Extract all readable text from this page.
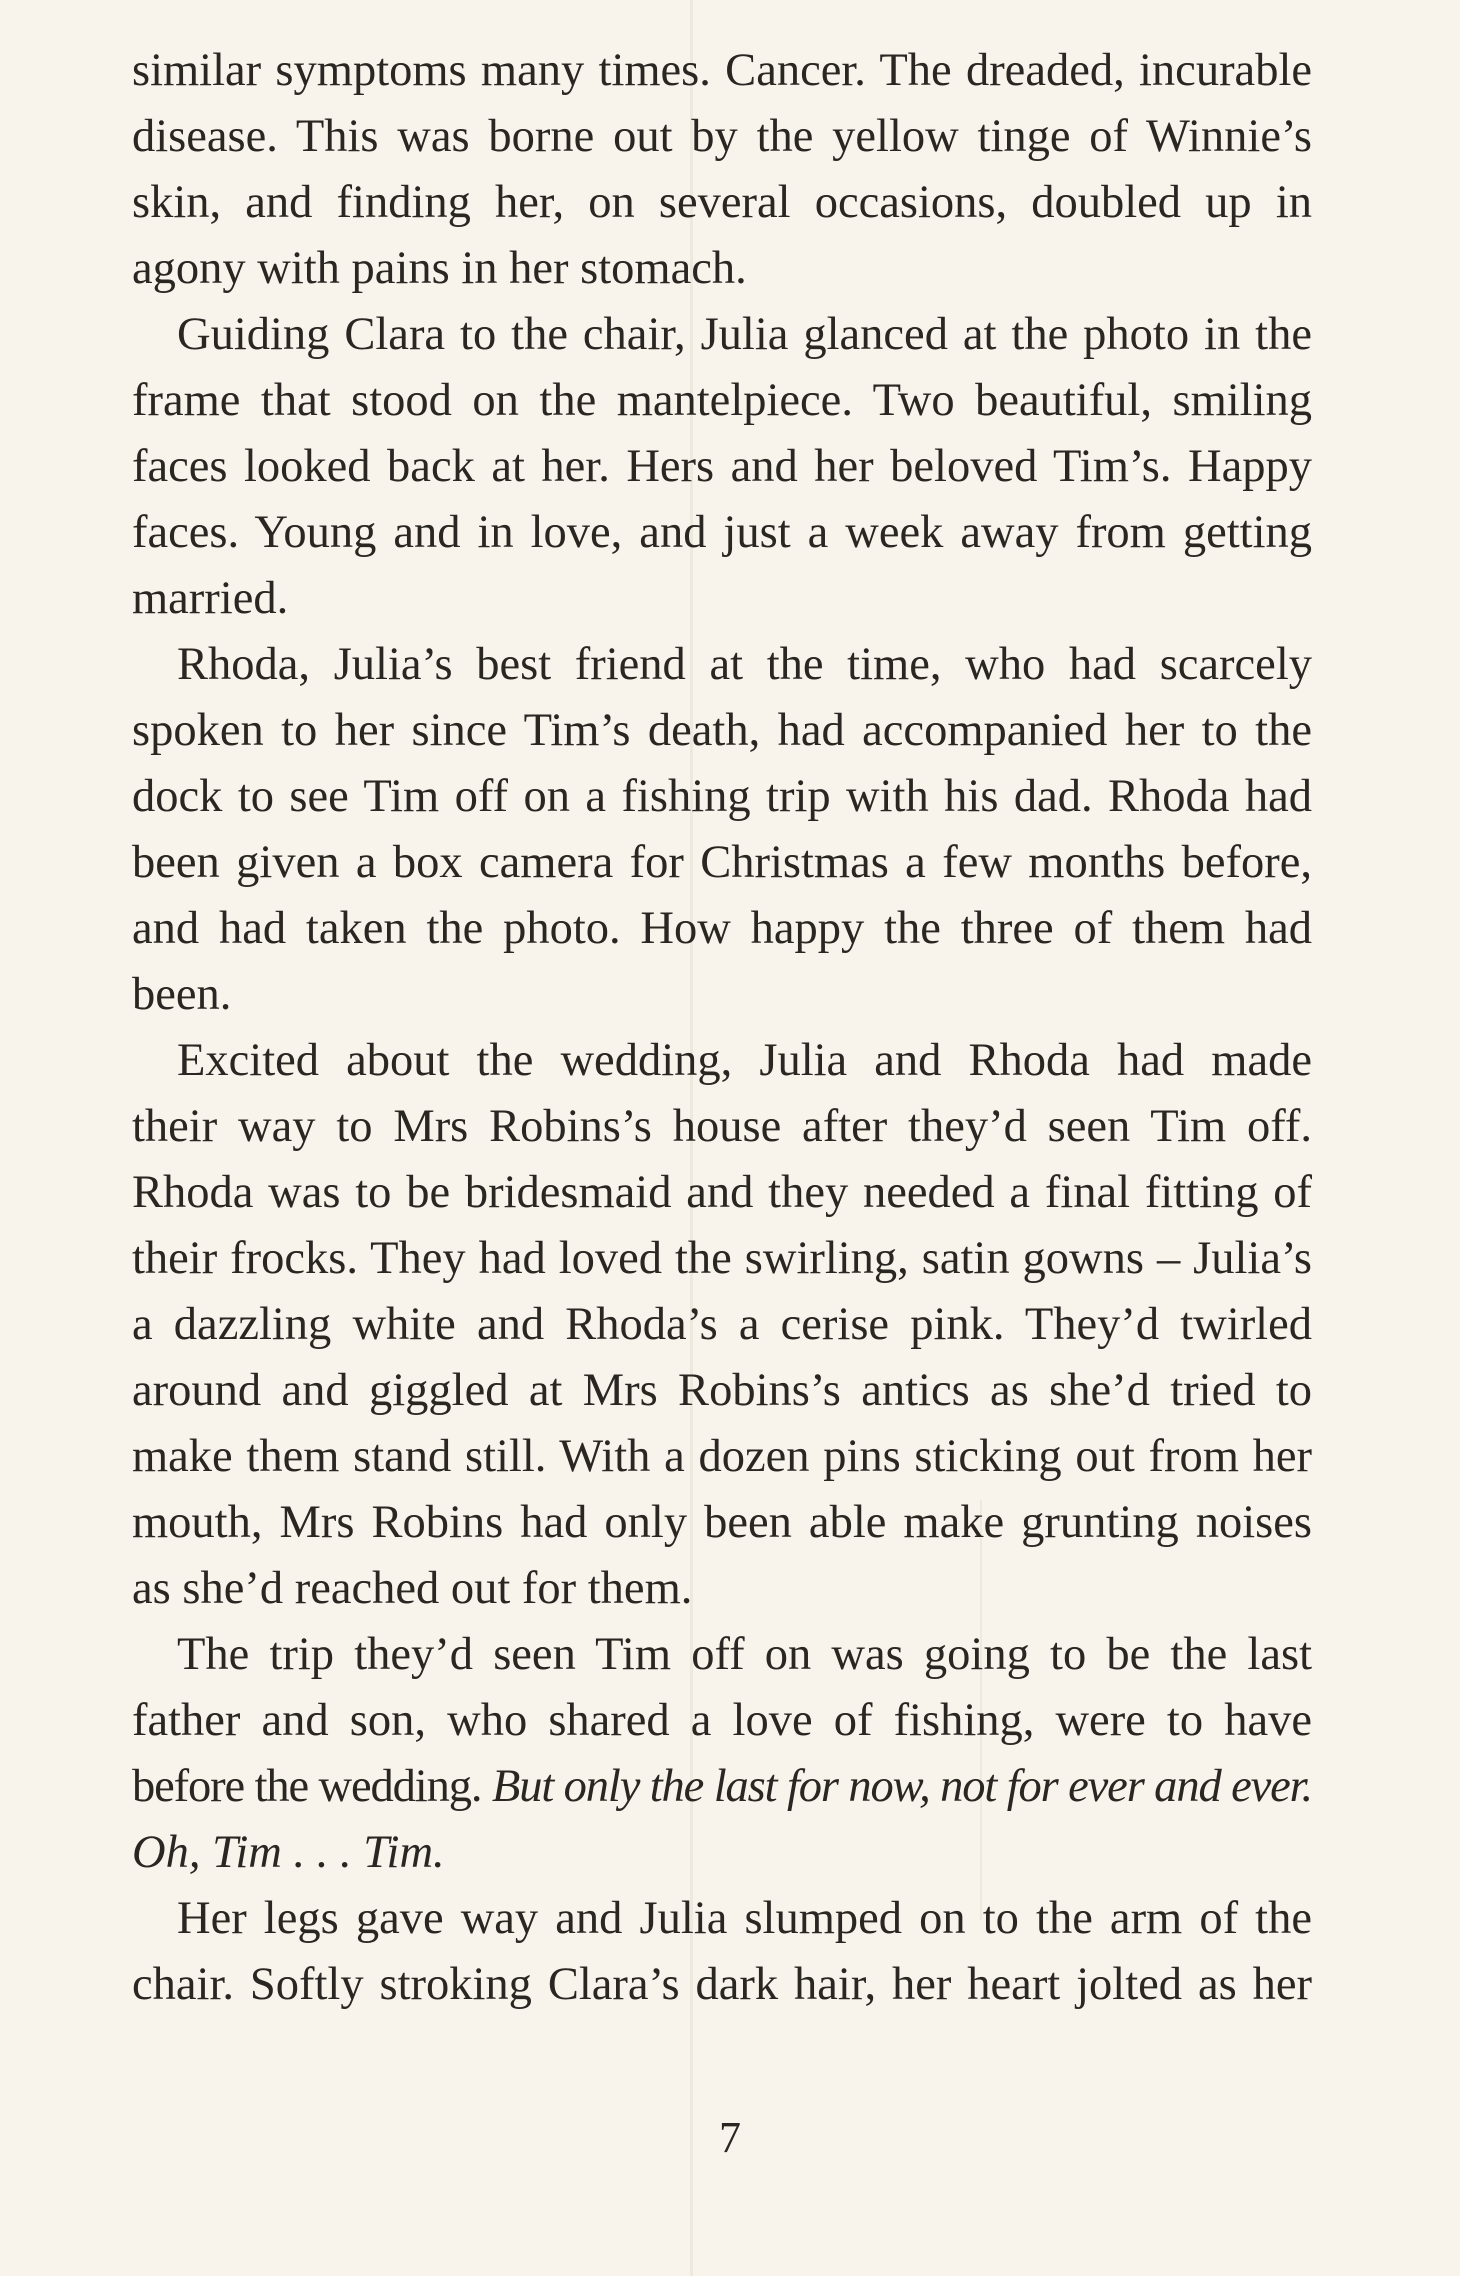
similar symptoms many times. Cancer. The dreaded, incurable
disease. This was borne out by the yellow tinge of Winnie’s
skin, and finding her, on several occasions, doubled up in
agony with pains in her stomach.
Guiding Clara to the chair, Julia glanced at the photo in the
frame that stood on the mantelpiece. Two beautiful, smiling
faces looked back at her. Hers and her beloved Tim’s. Happy
faces. Young and in love, and just a week away from getting
married.
Rhoda, Julia’s best friend at the time, who had scarcely
spoken to her since Tim’s death, had accompanied her to the
dock to see Tim off on a fishing trip with his dad. Rhoda had
been given a box camera for Christmas a few months before,
and had taken the photo. How happy the three of them had
been.
Excited about the wedding, Julia and Rhoda had made
their way to Mrs Robins’s house after they’d seen Tim off.
Rhoda was to be bridesmaid and they needed a final fitting of
their frocks. They had loved the swirling, satin gowns – Julia’s
a dazzling white and Rhoda’s a cerise pink. They’d twirled
around and giggled at Mrs Robins’s antics as she’d tried to
make them stand still. With a dozen pins sticking out from her
mouth, Mrs Robins had only been able make grunting noises
as she’d reached out for them.
The trip they’d seen Tim off on was going to be the last
father and son, who shared a love of fishing, were to have
before the wedding. But only the last for now, not for ever and ever.
Oh, Tim . . . Tim.
Her legs gave way and Julia slumped on to the arm of the
chair. Softly stroking Clara’s dark hair, her heart jolted as her
7
